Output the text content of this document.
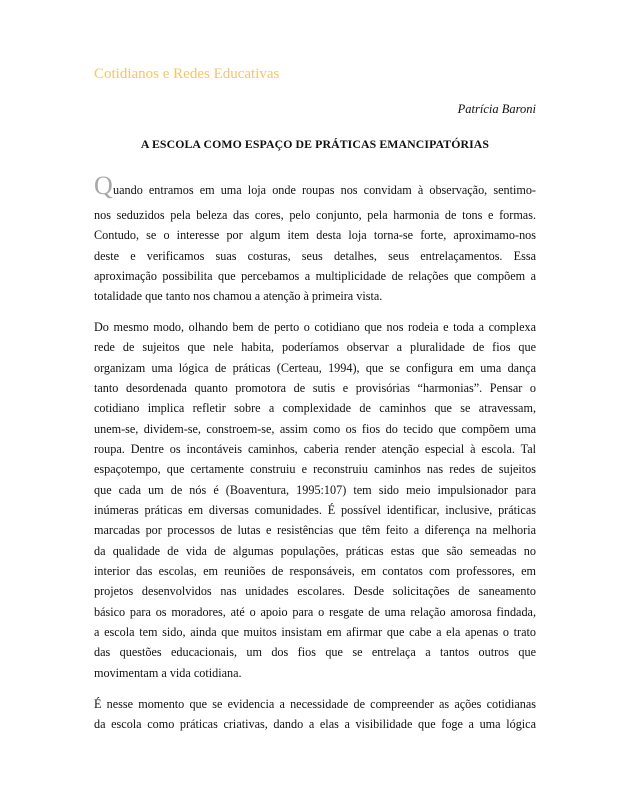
Cotidianos e Redes Educativas
Patrícia Baroni
A ESCOLA COMO ESPAÇO DE PRÁTICAS EMANCIPATÓRIAS
Q uando entramos em uma loja onde roupas nos convidam à observação, sentimo-
nos seduzidos pela beleza das cores, pelo conjunto, pela harmonia de tons e formas.
Contudo, se o interesse por algum item desta loja torna-se forte, aproximamo-nos
deste e verificamos suas costuras, seus detalhes, seus entrelaçamentos. Essa
aproximação possibilita que percebamos a multiplicidade de relações que compõem a
totalidade que tanto nos chamou a atenção à primeira vista.
Do mesmo modo, olhando bem de perto o cotidiano que nos rodeia e toda a complexa
rede de sujeitos que nele habita, poderíamos observar a pluralidade de fios que
organizam uma lógica de práticas (Certeau, 1994), que se configura em uma dança
tanto desordenada quanto promotora de sutis e provisórias “harmonias”. Pensar o
cotidiano implica refletir sobre a complexidade de caminhos que se atravessam,
unem-se, dividem-se, constroem-se, assim como os fios do tecido que compõem uma
roupa. Dentre os incontáveis caminhos, caberia render atenção especial à escola. Tal
espaçotempo, que certamente construiu e reconstruiu caminhos nas redes de sujeitos
que cada um de nós é (Boaventura, 1995:107) tem sido meio impulsionador para
inúmeras práticas em diversas comunidades. É possível identificar, inclusive, práticas
marcadas por processos de lutas e resistências que têm feito a diferença na melhoria
da qualidade de vida de algumas populações, práticas estas que são semeadas no
interior das escolas, em reuniões de responsáveis, em contatos com professores, em
projetos desenvolvidos nas unidades escolares. Desde solicitações de saneamento
básico para os moradores, até o apoio para o resgate de uma relação amorosa findada,
a escola tem sido, ainda que muitos insistam em afirmar que cabe a ela apenas o trato
das questões educacionais, um dos fios que se entrelaça a tantos outros que
movimentam a vida cotidiana.
É nesse momento que se evidencia a necessidade de compreender as ações cotidianas
da escola como práticas criativas, dando a elas a visibilidade que foge a uma lógica
